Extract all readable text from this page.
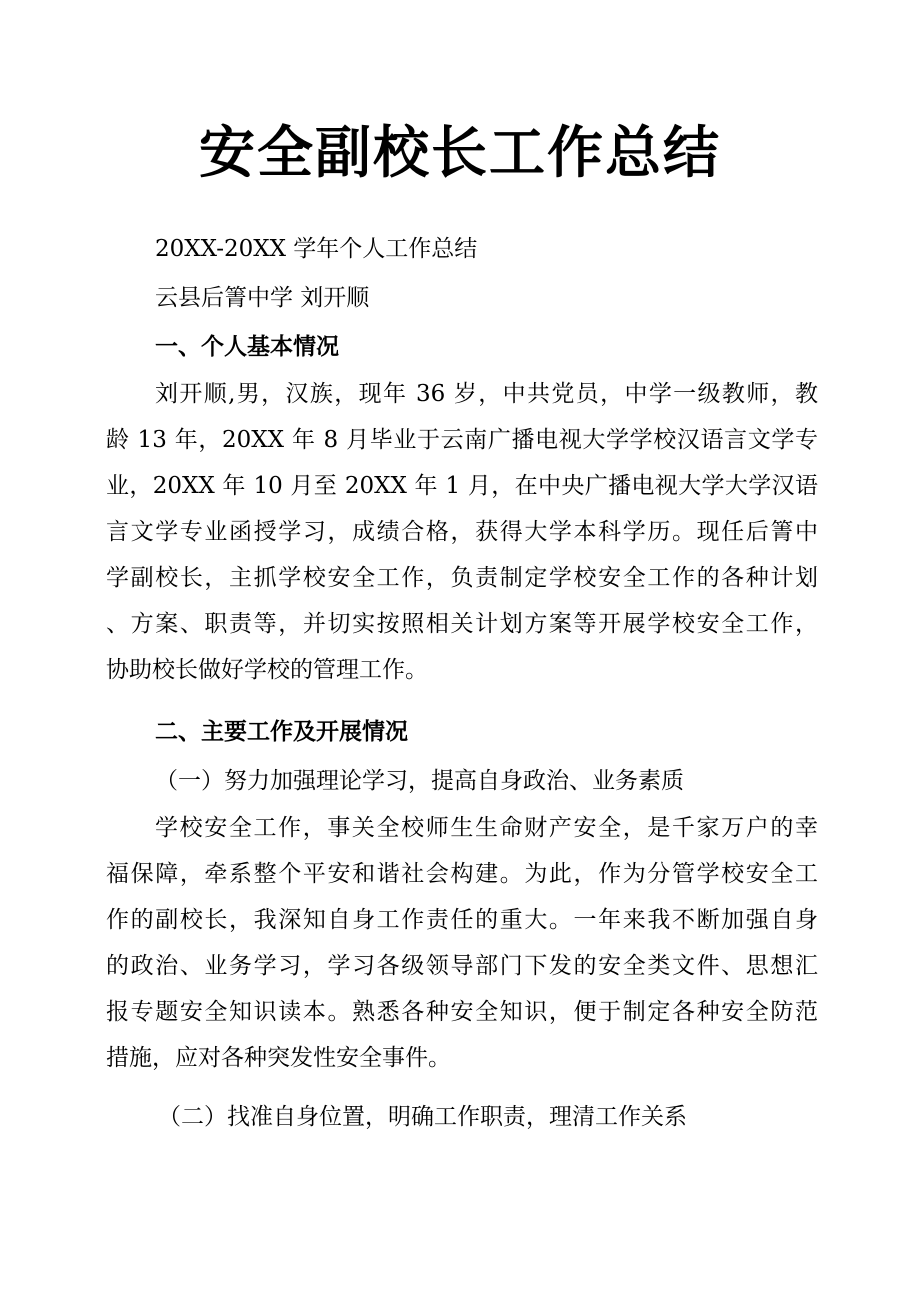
安全副校长工作总结

20XX-20XX 学年个人工作总结

云县后箐中学 刘开顺

一、个人基本情况

刘开顺,男，汉族，现年 36 岁，中共党员，中学一级教师，教
龄 13 年，20XX 年 8 月毕业于云南广播电视大学学校汉语言文学专
业，20XX 年 10 月至 20XX 年 1 月，在中央广播电视大学大学汉语
言文学专业函授学习，成绩合格，获得大学本科学历。现任后箐中
学副校长，主抓学校安全工作，负责制定学校安全工作的各种计划
、方案、职责等，并切实按照相关计划方案等开展学校安全工作，
协助校长做好学校的管理工作。

二、主要工作及开展情况

（一）努力加强理论学习，提高自身政治、业务素质

学校安全工作，事关全校师生生命财产安全，是千家万户的幸
福保障，牵系整个平安和谐社会构建。为此，作为分管学校安全工
作的副校长，我深知自身工作责任的重大。一年来我不断加强自身
的政治、业务学习，学习各级领导部门下发的安全类文件、思想汇
报专题安全知识读本。熟悉各种安全知识，便于制定各种安全防范
措施，应对各种突发性安全事件。

（二）找准自身位置，明确工作职责，理清工作关系
